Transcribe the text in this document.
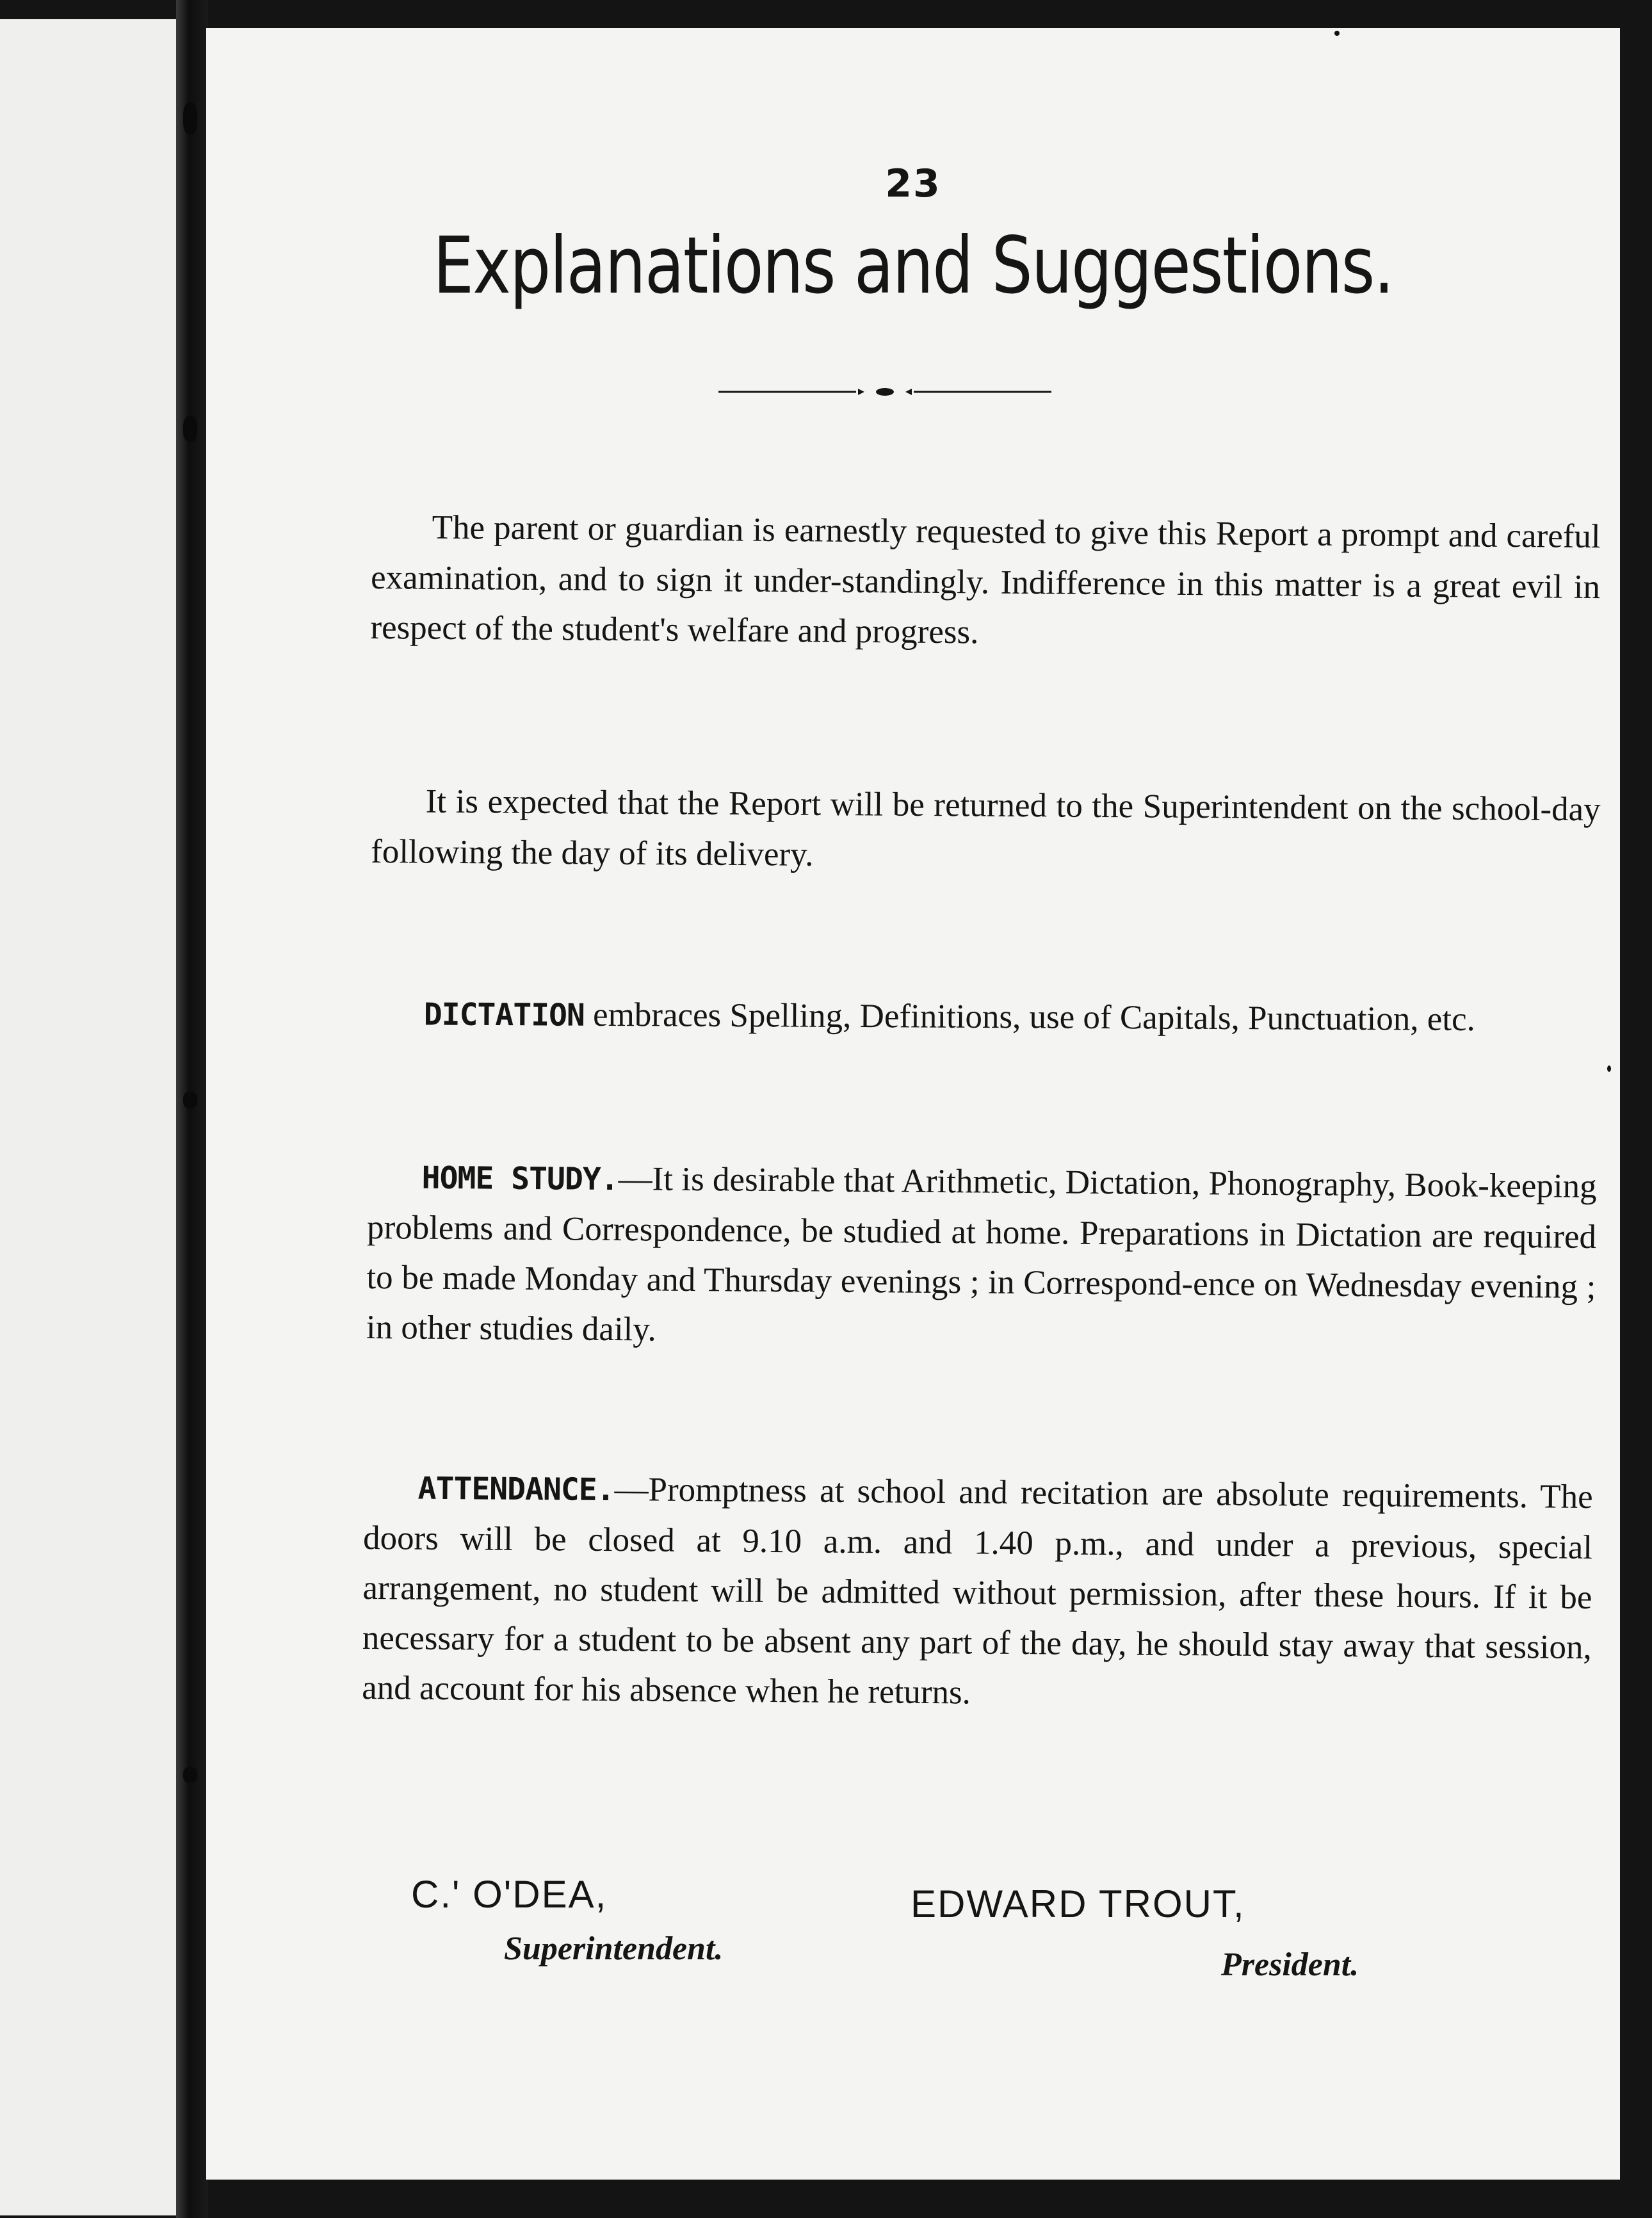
23
Explanations and Suggestions.

The parent or guardian is earnestly requested to give this Report a prompt and careful examination, and to sign it under-standingly. Indifference in this matter is a great evil in respect of the student's welfare and progress.

It is expected that the Report will be returned to the Superintendent on the school-day following the day of its delivery.

DICTATION embraces Spelling, Definitions, use of Capitals, Punctuation, etc.

HOME STUDY.—It is desirable that Arithmetic, Dictation, Phonography, Book-keeping problems and Correspondence, be studied at home. Preparations in Dictation are required to be made Monday and Thursday evenings ; in Correspond-ence on Wednesday evening ; in other studies daily.

ATTENDANCE.—Promptness at school and recitation are absolute requirements. The doors will be closed at 9.10 a.m. and 1.40 p.m., and under a previous, special arrangement, no student will be admitted without permission, after these hours. If it be necessary for a student to be absent any part of the day, he should stay away that session, and account for his absence when he returns.

C.' O'DEA,
Superintendent.
EDWARD TROUT,
President.
